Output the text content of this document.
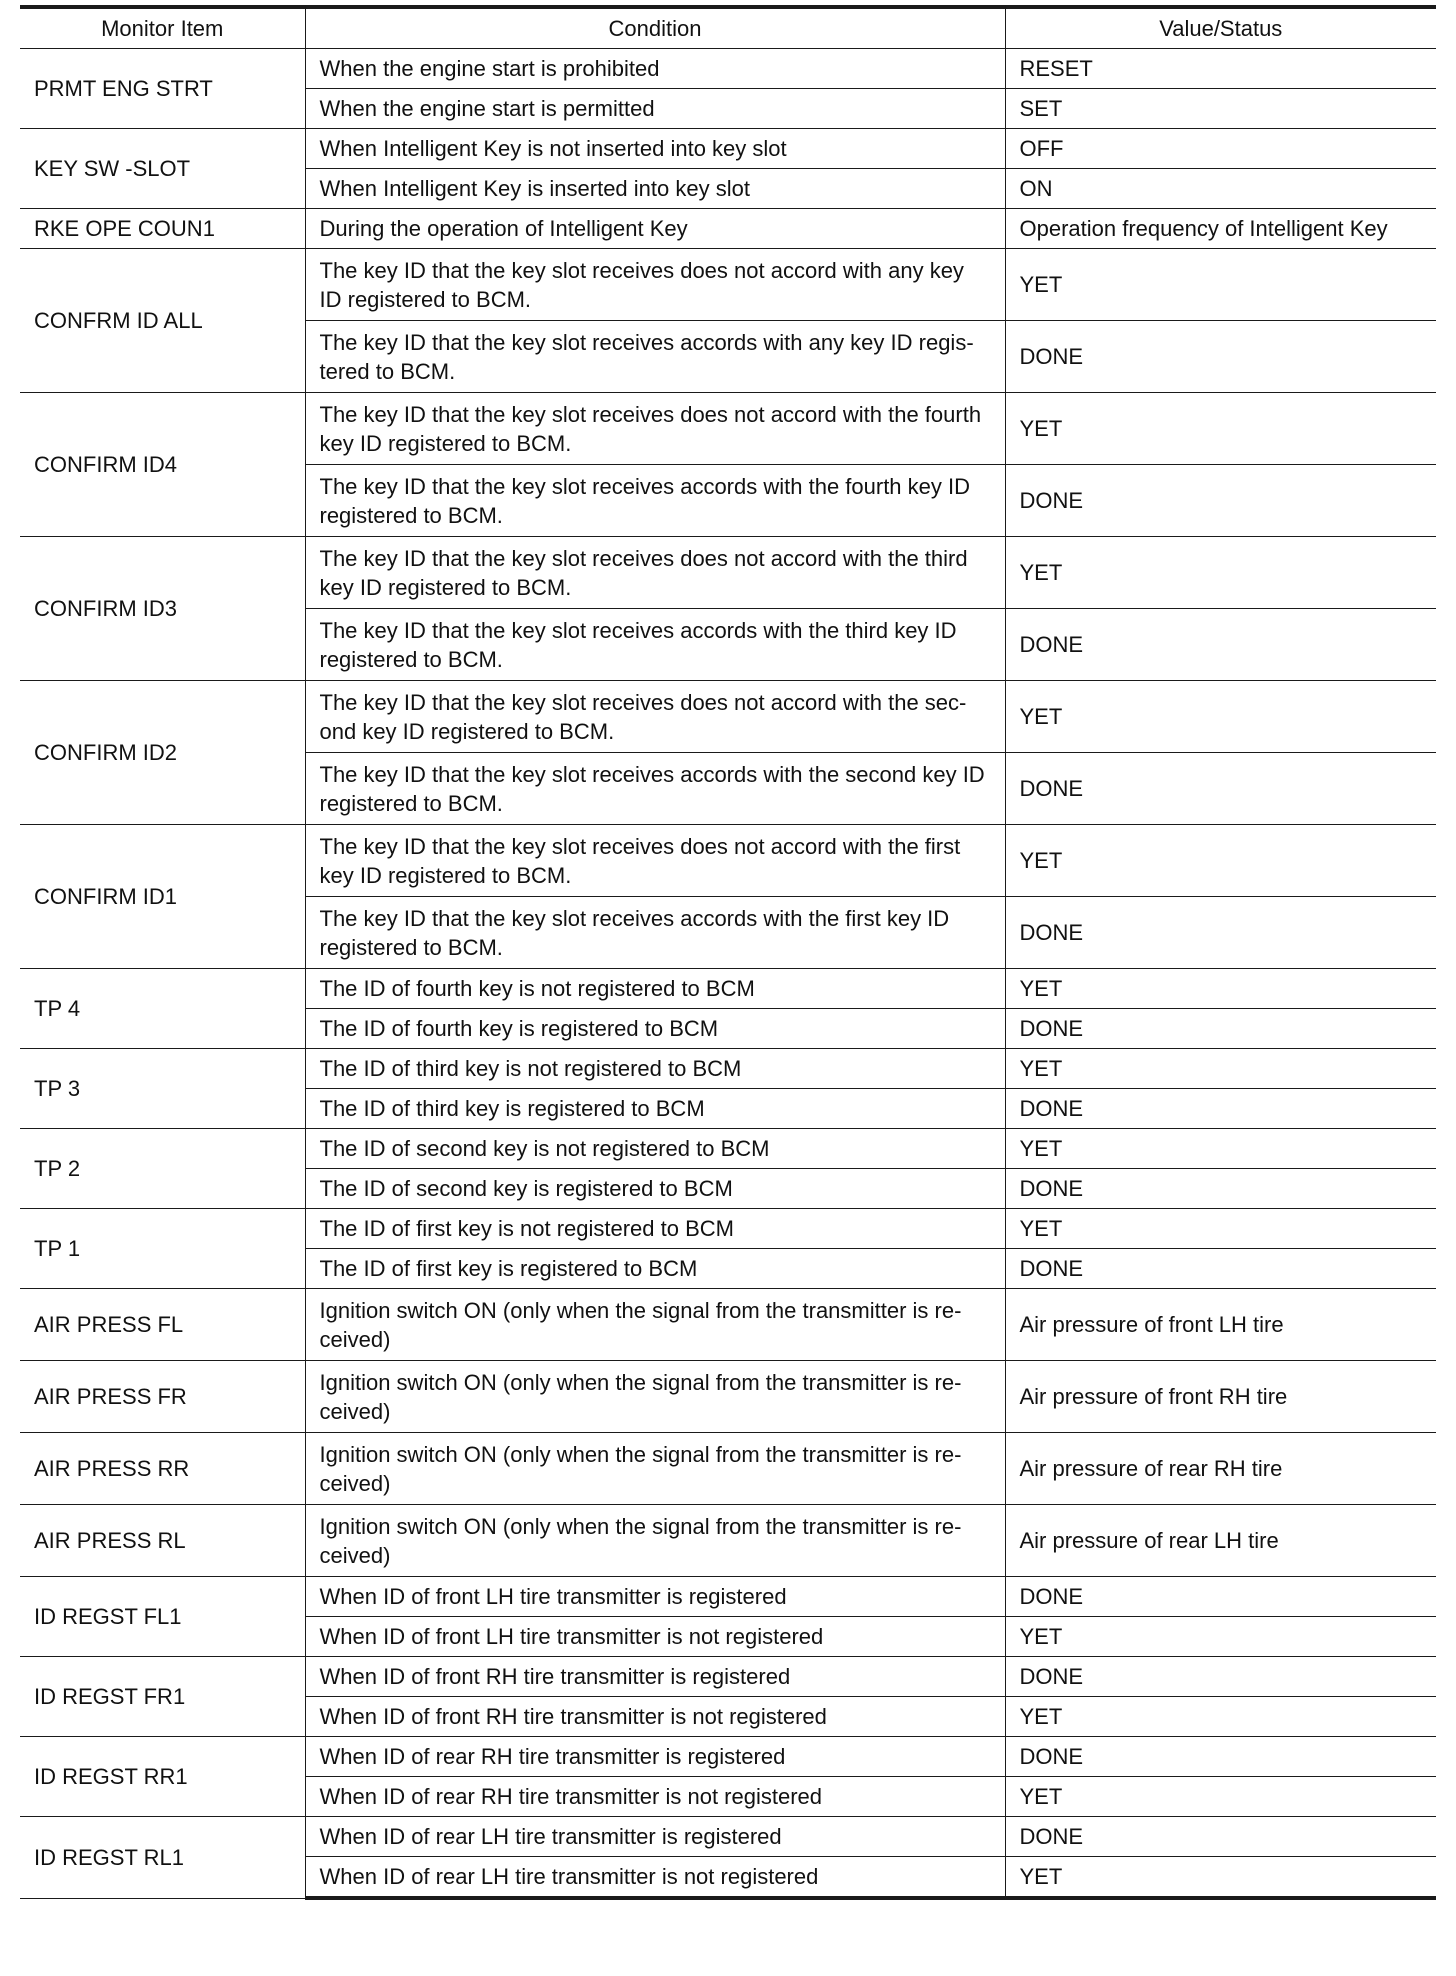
Monitor Item	Condition	Value/Status
PRMT ENG STRT	When the engine start is prohibited	RESET
	When the engine start is permitted	SET
KEY SW -SLOT	When Intelligent Key is not inserted into key slot	OFF
	When Intelligent Key is inserted into key slot	ON
RKE OPE COUN1	During the operation of Intelligent Key	Operation frequency of Intelligent Key
CONFRM ID ALL	The key ID that the key slot receives does not accord with any key ID registered to BCM.	YET
	The key ID that the key slot receives accords with any key ID regis-tered to BCM.	DONE
CONFIRM ID4	The key ID that the key slot receives does not accord with the fourth key ID registered to BCM.	YET
	The key ID that the key slot receives accords with the fourth key ID registered to BCM.	DONE
CONFIRM ID3	The key ID that the key slot receives does not accord with the third key ID registered to BCM.	YET
	The key ID that the key slot receives accords with the third key ID registered to BCM.	DONE
CONFIRM ID2	The key ID that the key slot receives does not accord with the sec-ond key ID registered to BCM.	YET
	The key ID that the key slot receives accords with the second key ID registered to BCM.	DONE
CONFIRM ID1	The key ID that the key slot receives does not accord with the first key ID registered to BCM.	YET
	The key ID that the key slot receives accords with the first key ID registered to BCM.	DONE
TP 4	The ID of fourth key is not registered to BCM	YET
	The ID of fourth key is registered to BCM	DONE
TP 3	The ID of third key is not registered to BCM	YET
	The ID of third key is registered to BCM	DONE
TP 2	The ID of second key is not registered to BCM	YET
	The ID of second key is registered to BCM	DONE
TP 1	The ID of first key is not registered to BCM	YET
	The ID of first key is registered to BCM	DONE
AIR PRESS FL	Ignition switch ON (only when the signal from the transmitter is re-ceived)	Air pressure of front LH tire
AIR PRESS FR	Ignition switch ON (only when the signal from the transmitter is re-ceived)	Air pressure of front RH tire
AIR PRESS RR	Ignition switch ON (only when the signal from the transmitter is re-ceived)	Air pressure of rear RH tire
AIR PRESS RL	Ignition switch ON (only when the signal from the transmitter is re-ceived)	Air pressure of rear LH tire
ID REGST FL1	When ID of front LH tire transmitter is registered	DONE
	When ID of front LH tire transmitter is not registered	YET
ID REGST FR1	When ID of front RH tire transmitter is registered	DONE
	When ID of front RH tire transmitter is not registered	YET
ID REGST RR1	When ID of rear RH tire transmitter is registered	DONE
	When ID of rear RH tire transmitter is not registered	YET
ID REGST RL1	When ID of rear LH tire transmitter is registered	DONE
	When ID of rear LH tire transmitter is not registered	YET
